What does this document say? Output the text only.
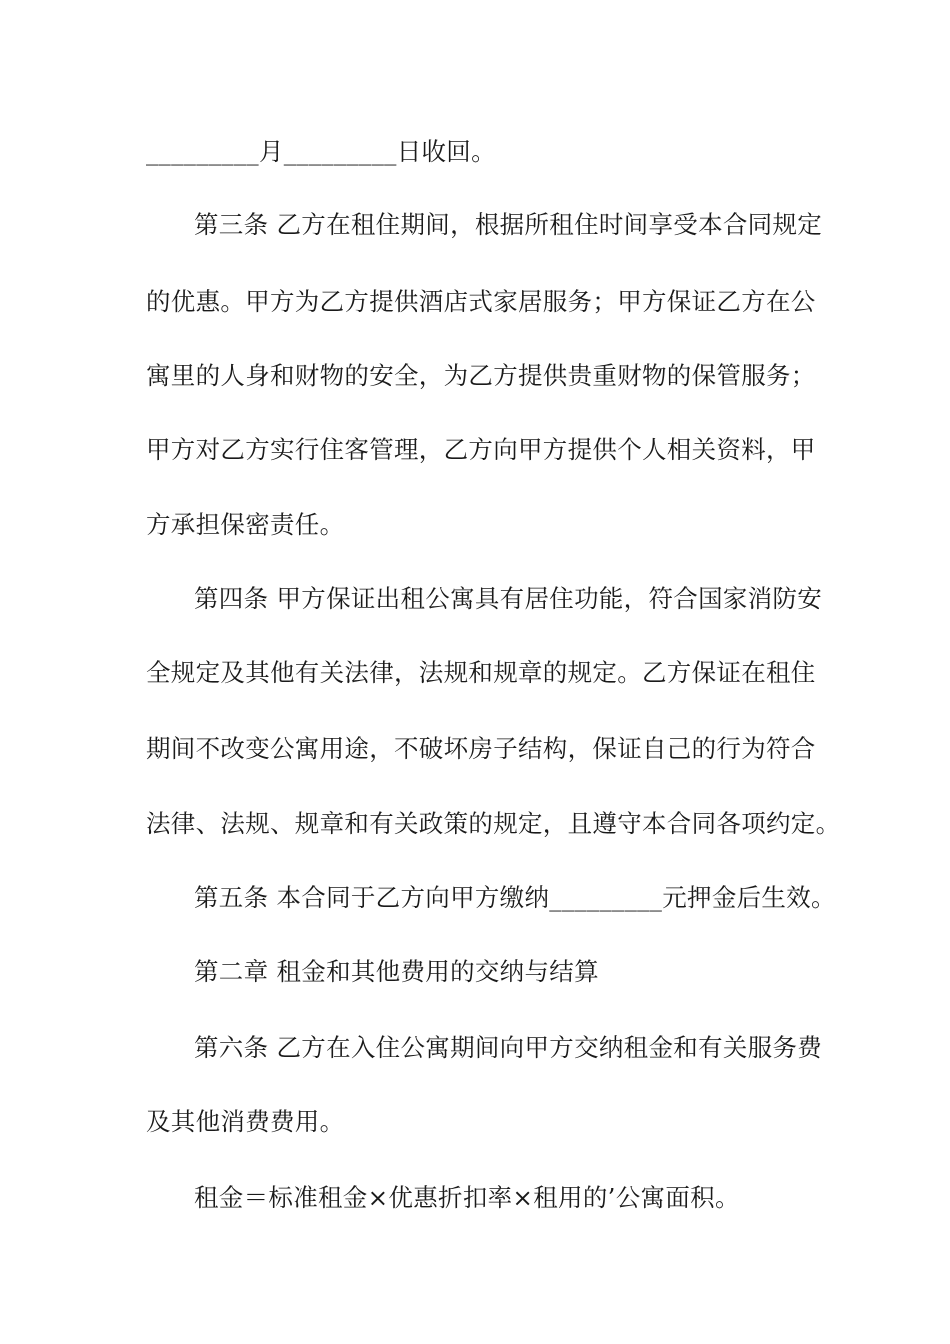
_________月_________日收回。
第三条 乙方在租住期间，根据所租住时间享受本合同规定
的优惠。甲方为乙方提供酒店式家居服务；甲方保证乙方在公
寓里的人身和财物的安全，为乙方提供贵重财物的保管服务；
甲方对乙方实行住客管理，乙方向甲方提供个人相关资料，甲
方承担保密责任。
第四条 甲方保证出租公寓具有居住功能，符合国家消防安
全规定及其他有关法律，法规和规章的规定。乙方保证在租住
期间不改变公寓用途，不破坏房子结构，保证自己的行为符合
法律、法规、规章和有关政策的规定，且遵守本合同各项约定。
第五条 本合同于乙方向甲方缴纳_________元押金后生效。
第二章 租金和其他费用的交纳与结算
第六条 乙方在入住公寓期间向甲方交纳租金和有关服务费
及其他消费费用。
租金＝标准租金×优惠折扣率×租用的’公寓面积。
